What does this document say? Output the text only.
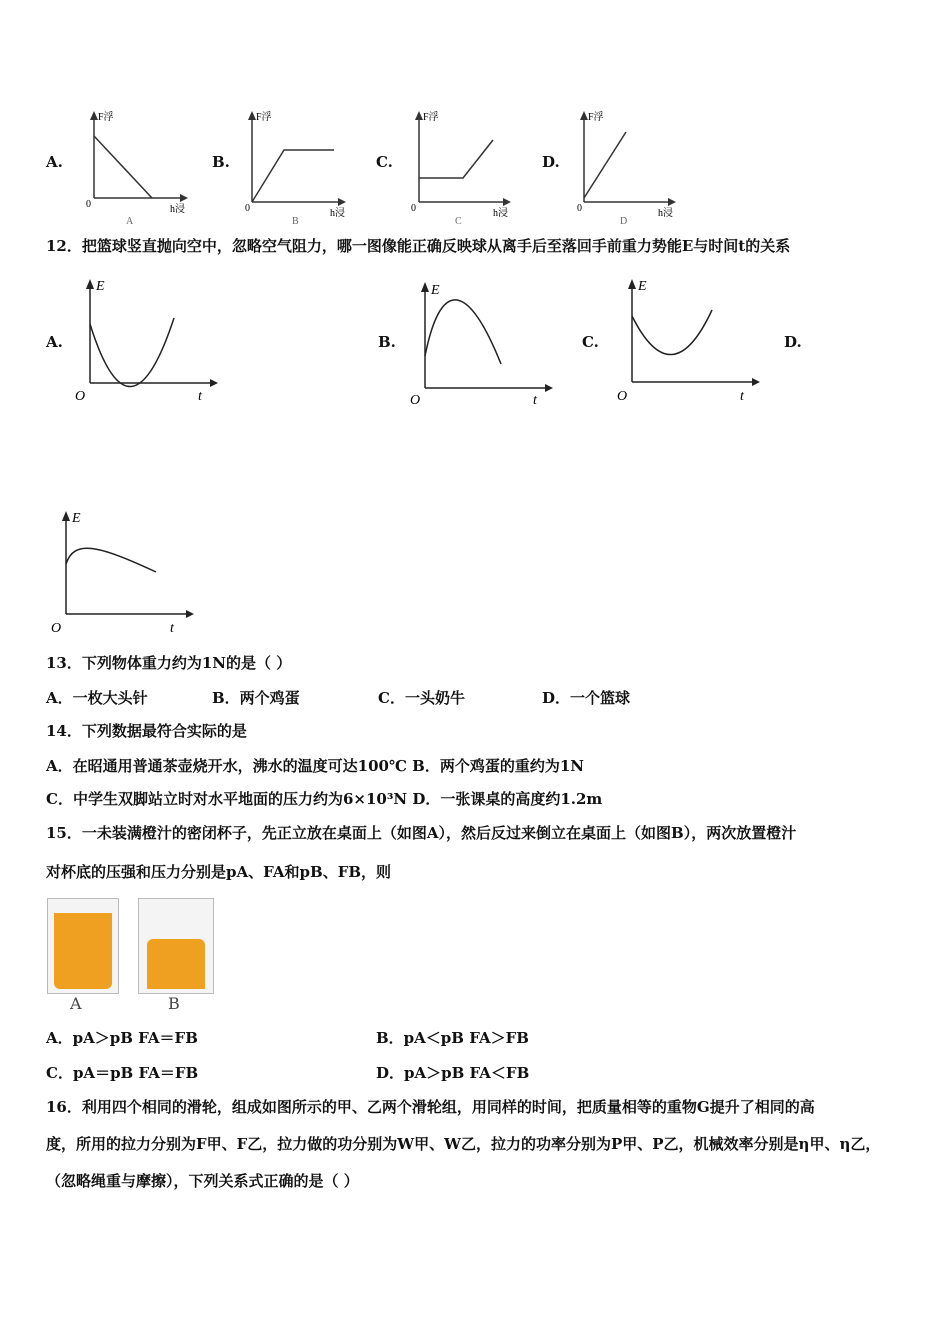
A.	B.	C.	D.
F浮
h浸
0
A
F浮
h浸
0
B
F浮
h浸
0
C
F浮
h浸
0
D
12．把篮球竖直抛向空中，忽略空气阻力，哪一图像能正确反映球从离手后至落回手前重力势能E与时间t的关系
A.	B.	C.	D.
E
O	t
E
O	t
E
O	t
E
O	t
13．下列物体重力约为1N的是（ ）
A．一枚大头针	B．两个鸡蛋	C．一头奶牛	D．一个篮球
14．下列数据最符合实际的是
A．在昭通用普通茶壶烧开水，沸水的温度可达100℃ B．两个鸡蛋的重约为1N
C．中学生双脚站立时对水平地面的压力约为6×10³N D．一张课桌的高度约1.2m
15．一未装满橙汁的密闭杯子，先正立放在桌面上（如图A），然后反过来倒立在桌面上（如图B），两次放置橙汁
对杯底的压强和压力分别是pA、FA和pB、FB，则
A	B
A．pA＞pB FA＝FB	B．pA＜pB FA＞FB
C．pA＝pB FA＝FB	D．pA＞pB FA＜FB
16．利用四个相同的滑轮，组成如图所示的甲、乙两个滑轮组，用同样的时间，把质量相等的重物G提升了相同的高
度，所用的拉力分别为F甲、F乙，拉力做的功分别为W甲、W乙，拉力的功率分别为P甲、P乙，机械效率分别是η甲、η乙，
（忽略绳重与摩擦），下列关系式正确的是（ ）
